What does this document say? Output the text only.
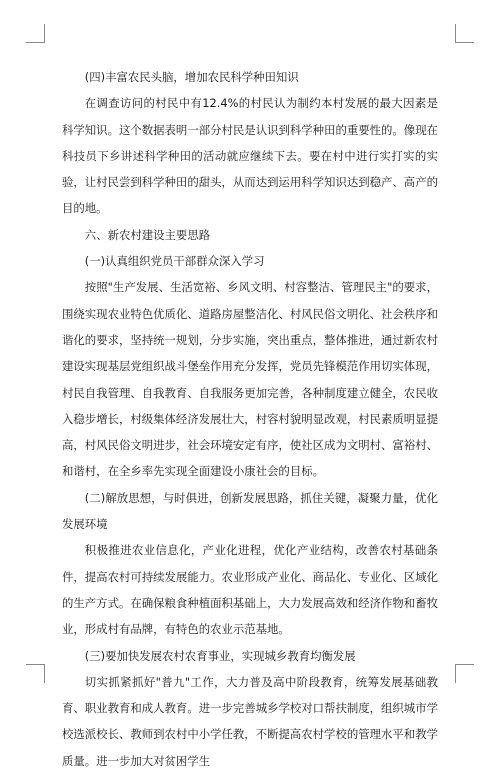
(四)丰富农民头脑，增加农民科学种田知识

在调查访问的村民中有12.4%的村民认为制约本村发展的最大因素是科学知识。这个数据表明一部分村民是认识到科学种田的重要性的。像现在科技员下乡讲述科学种田的活动就应继续下去。要在村中进行实打实的实验，让村民尝到科学种田的甜头，从而达到运用科学知识达到稳产、高产的目的地。

六、新农村建设主要思路

(一)认真组织党员干部群众深入学习

按照"生产发展、生活宽裕、乡风文明、村容整洁、管理民主"的要求，围绕实现农业特色优质化、道路房屋整洁化、村风民俗文明化、社会秩序和谐化的要求，坚持统一规划，分步实施，突出重点，整体推进，通过新农村建设实现基层党组织战斗堡垒作用充分发挥，党员先锋模范作用切实体现，村民自我管理、自我教育、自我服务更加完善，各种制度建立健全，农民收入稳步增长，村级集体经济发展壮大，村容村貌明显改观，村民素质明显提高，村风民俗文明进步，社会环境安定有序，使社区成为文明村、富裕村、和谐村，在全乡率先实现全面建设小康社会的目标。

(二)解放思想，与时俱进，创新发展思路，抓住关键，凝聚力量，优化发展环境

积极推进农业信息化，产业化进程，优化产业结构，改善农村基础条件，提高农村可持续发展能力。农业形成产业化、商品化、专业化、区域化的生产方式。在确保粮食种植面积基础上，大力发展高效和经济作物和畜牧业，形成村有品牌，有特色的农业示范基地。

(三)要加快发展农村农育事业，实现城乡教育均衡发展

切实抓紧抓好"普九"工作，大力普及高中阶段教育，统筹发展基础教育、职业教育和成人教育。进一步完善城乡学校对口帮扶制度，组织城市学校选派校长、教师到农村中小学任教，不断提高农村学校的管理水平和教学质量。进一步加大对贫困学生
